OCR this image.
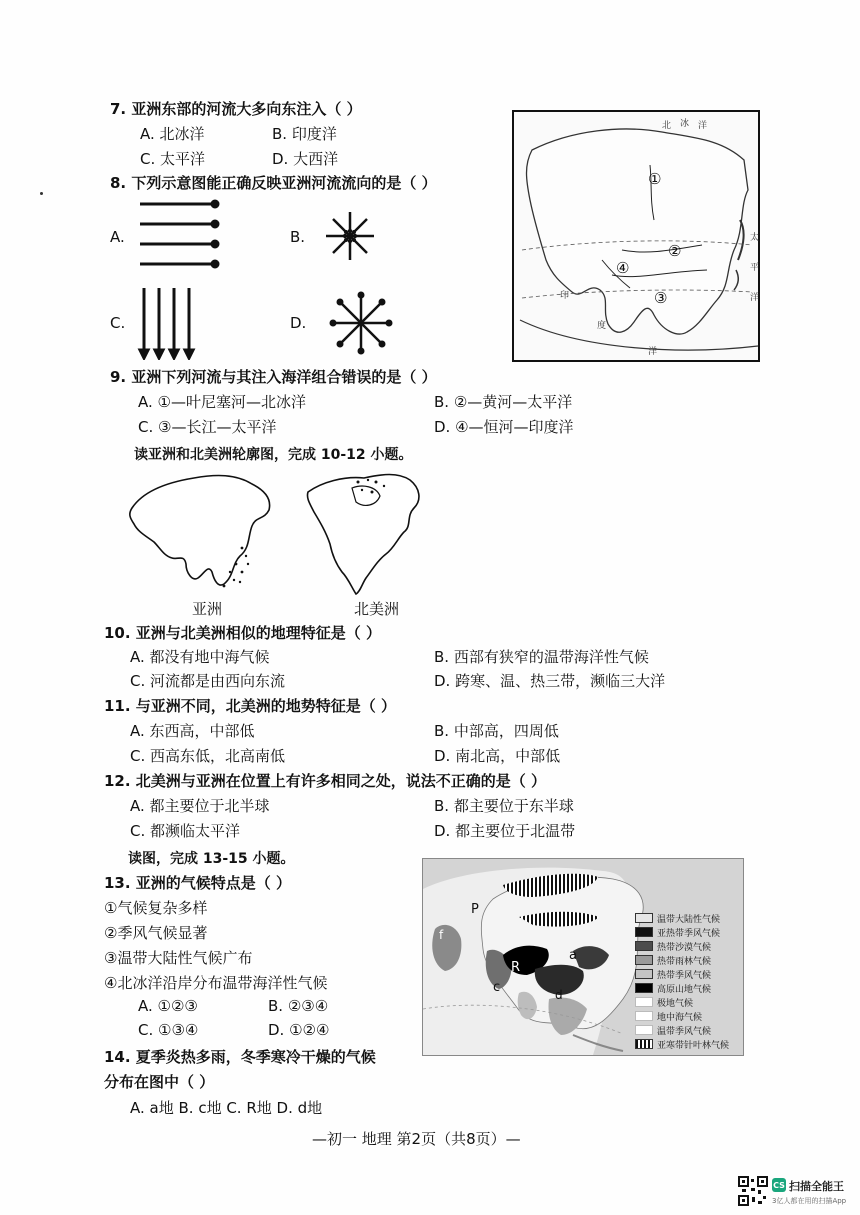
7. 亚洲东部的河流大多向东注入（ ）
A. 北冰洋	B. 印度洋
C. 太平洋	D. 大西洋
北 冰 洋
太
平
洋
印
度
洋
①
②
③
④
8. 下列示意图能正确反映亚洲河流流向的是（ ）
A.	B.
C.	D.
9. 亚洲下列河流与其注入海洋组合错误的是（ ）
A. ①—叶尼塞河—北冰洋	B. ②—黄河—太平洋
C. ③—长江—太平洋	D. ④—恒河—印度洋
读亚洲和北美洲轮廓图，完成 10-12 小题。
亚洲	北美洲
10. 亚洲与北美洲相似的地理特征是（ ）
A. 都没有地中海气候	B. 西部有狭窄的温带海洋性气候
C. 河流都是由西向东流	D. 跨寒、温、热三带，濒临三大洋
11. 与亚洲不同，北美洲的地势特征是（ ）
A. 东西高，中部低	B. 中部高，四周低
C. 西高东低，北高南低	D. 南北高，中部低
12. 北美洲与亚洲在位置上有许多相同之处，说法不正确的是（ ）
A. 都主要位于北半球	B. 都主要位于东半球
C. 都濒临太平洋	D. 都主要位于北温带
读图，完成 13-15 小题。
13. 亚洲的气候特点是（ ）
①气候复杂多样
②季风气候显著
③温带大陆性气候广布
④北冰洋沿岸分布温带海洋性气候
A. ①②③	B. ②③④
C. ①③④	D. ①②④
14. 夏季炎热多雨，冬季寒冷干燥的气候
分布在图中（ ）
A. a地 B. c地 C. R地 D. d地
P
f
R
a
c	d
温带大陆性气候
亚热带季风气候
热带沙漠气候
热带雨林气候
热带季风气候
高原山地气候
极地气候
地中海气候
温带季风气候
亚寒带针叶林气候
—初一 地理 第2页（共8页）—
CS 扫描全能王
3亿人都在用的扫描App
